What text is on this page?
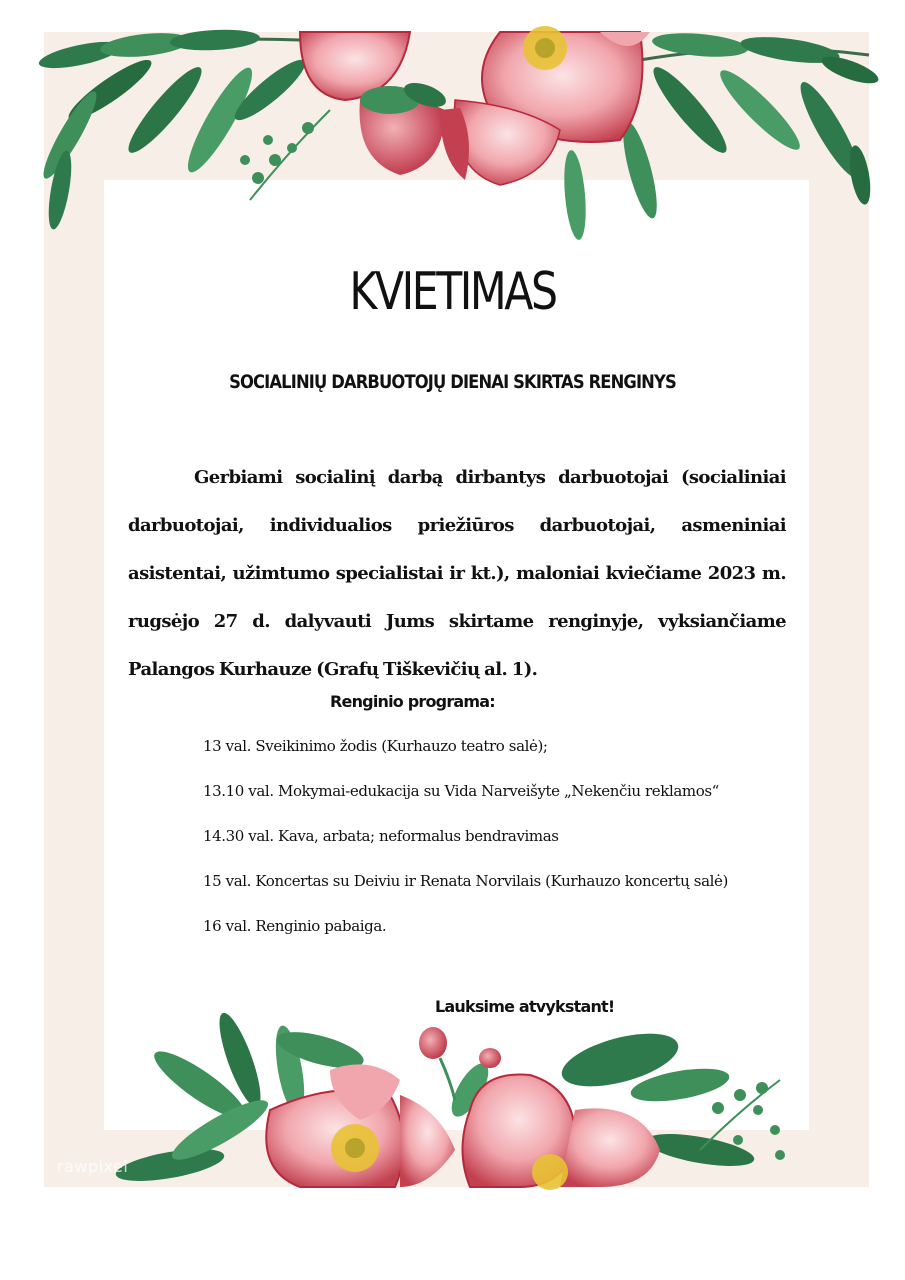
KVIETIMAS
SOCIALINIŲ DARBUOTOJŲ DIENAI SKIRTAS RENGINYS

Gerbiami socialinį darbą dirbantys darbuotojai (socialiniai darbuotojai, individualios priežiūros darbuotojai, asmeniniai asistentai, užimtumo specialistai ir kt.), maloniai kviečiame 2023 m. rugsėjo 27 d. dalyvauti Jums skirtame renginyje, vyksiančiame Palangos Kurhauze (Grafų Tiškevičių al. 1).

Renginio programa:

13 val. Sveikinimo žodis (Kurhauzo teatro salė);
13.10 val. Mokymai-edukacija su Vida Narveišyte „Nekenčiu reklamos“
14.30 val. Kava, arbata; neformalus bendravimas
15 val. Koncertas su Deiviu ir Renata Norvilais (Kurhauzo koncertų salė)
16 val. Renginio pabaiga.

Lauksime atvykstant!

rawpixel
